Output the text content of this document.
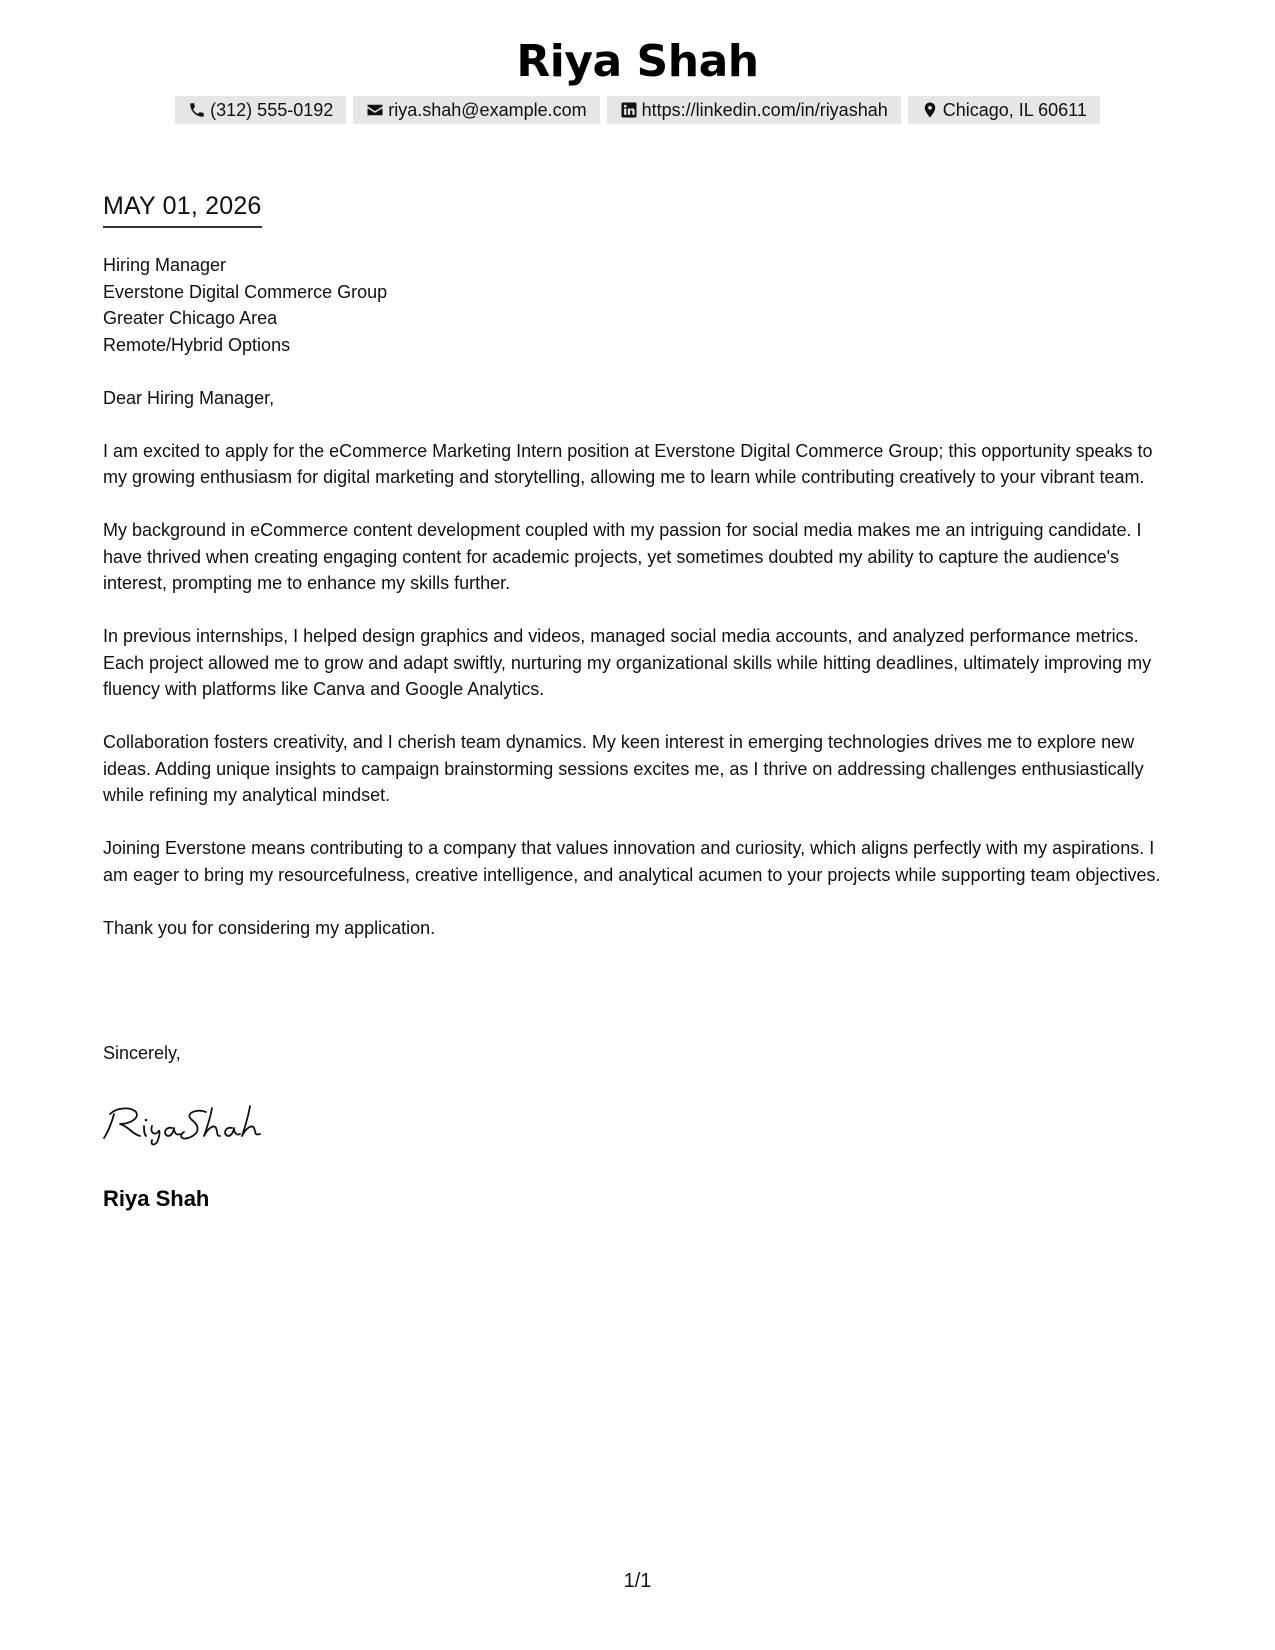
Riya Shah
(312) 555-0192	riya.shah@example.com	https://linkedin.com/in/riyashah	Chicago, IL 60611
MAY 01, 2026
Hiring Manager
Everstone Digital Commerce Group
Greater Chicago Area
Remote/Hybrid Options
Dear Hiring Manager,
I am excited to apply for the eCommerce Marketing Intern position at Everstone Digital Commerce Group; this opportunity speaks to my growing enthusiasm for digital marketing and storytelling, allowing me to learn while contributing creatively to your vibrant team.
My background in eCommerce content development coupled with my passion for social media makes me an intriguing candidate. I have thrived when creating engaging content for academic projects, yet sometimes doubted my ability to capture the audience's interest, prompting me to enhance my skills further.
In previous internships, I helped design graphics and videos, managed social media accounts, and analyzed performance metrics. Each project allowed me to grow and adapt swiftly, nurturing my organizational skills while hitting deadlines, ultimately improving my fluency with platforms like Canva and Google Analytics.
Collaboration fosters creativity, and I cherish team dynamics. My keen interest in emerging technologies drives me to explore new ideas. Adding unique insights to campaign brainstorming sessions excites me, as I thrive on addressing challenges enthusiastically while refining my analytical mindset.
Joining Everstone means contributing to a company that values innovation and curiosity, which aligns perfectly with my aspirations. I am eager to bring my resourcefulness, creative intelligence, and analytical acumen to your projects while supporting team objectives.
Thank you for considering my application.
Sincerely,
Riya Shah
1/1
